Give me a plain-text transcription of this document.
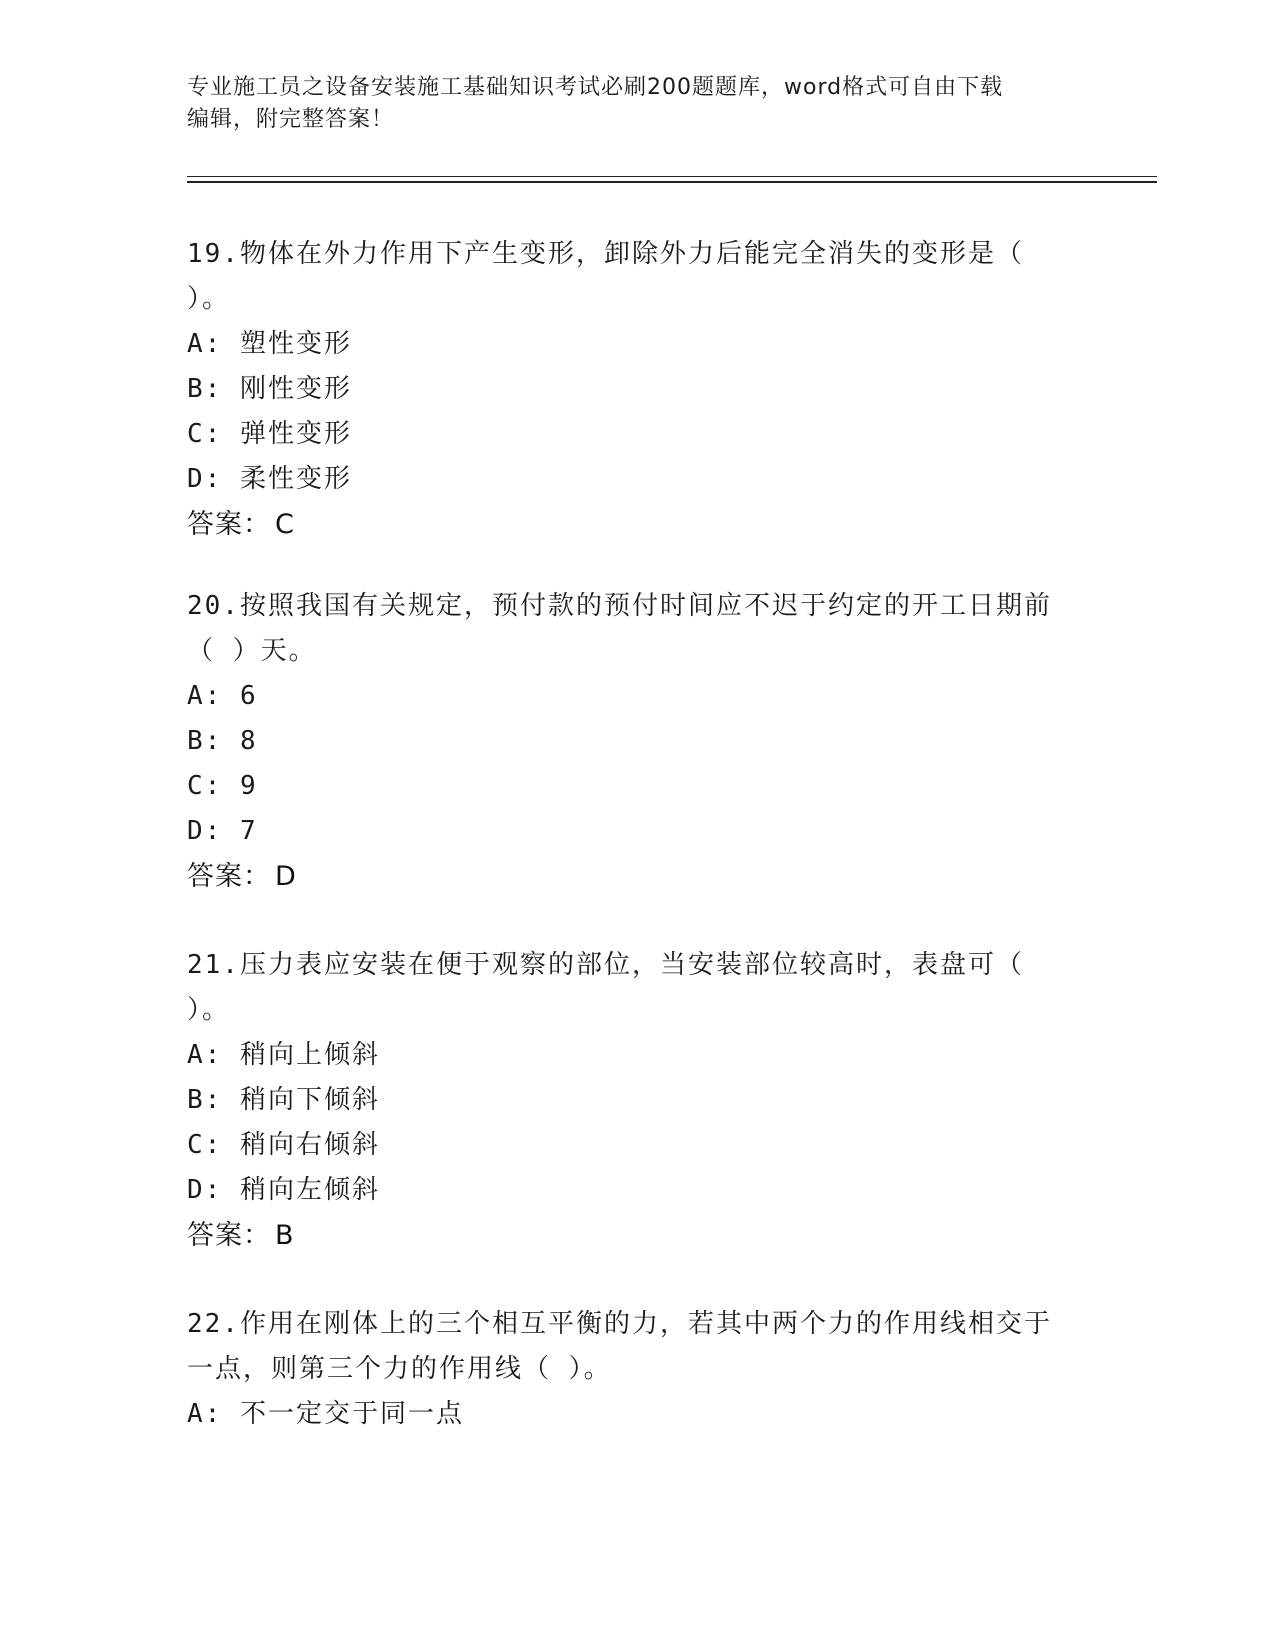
专业施工员之设备安装施工基础知识考试必刷200题题库，word格式可自由下载
编辑，附完整答案！

19.物体在外力作用下产生变形，卸除外力后能完全消失的变形是（

）。

A: 塑性变形

B: 刚性变形

C: 弹性变形

D: 柔性变形

答案： C

20.按照我国有关规定，预付款的预付时间应不迟于约定的开工日期前

（ ）天。

A: 6

B: 8

C: 9

D: 7

答案： D

21.压力表应安装在便于观察的部位，当安装部位较高时，表盘可（

）。

A: 稍向上倾斜

B: 稍向下倾斜

C: 稍向右倾斜

D: 稍向左倾斜

答案： B

22.作用在刚体上的三个相互平衡的力，若其中两个力的作用线相交于

一点，则第三个力的作用线（ ）。

A: 不一定交于同一点
